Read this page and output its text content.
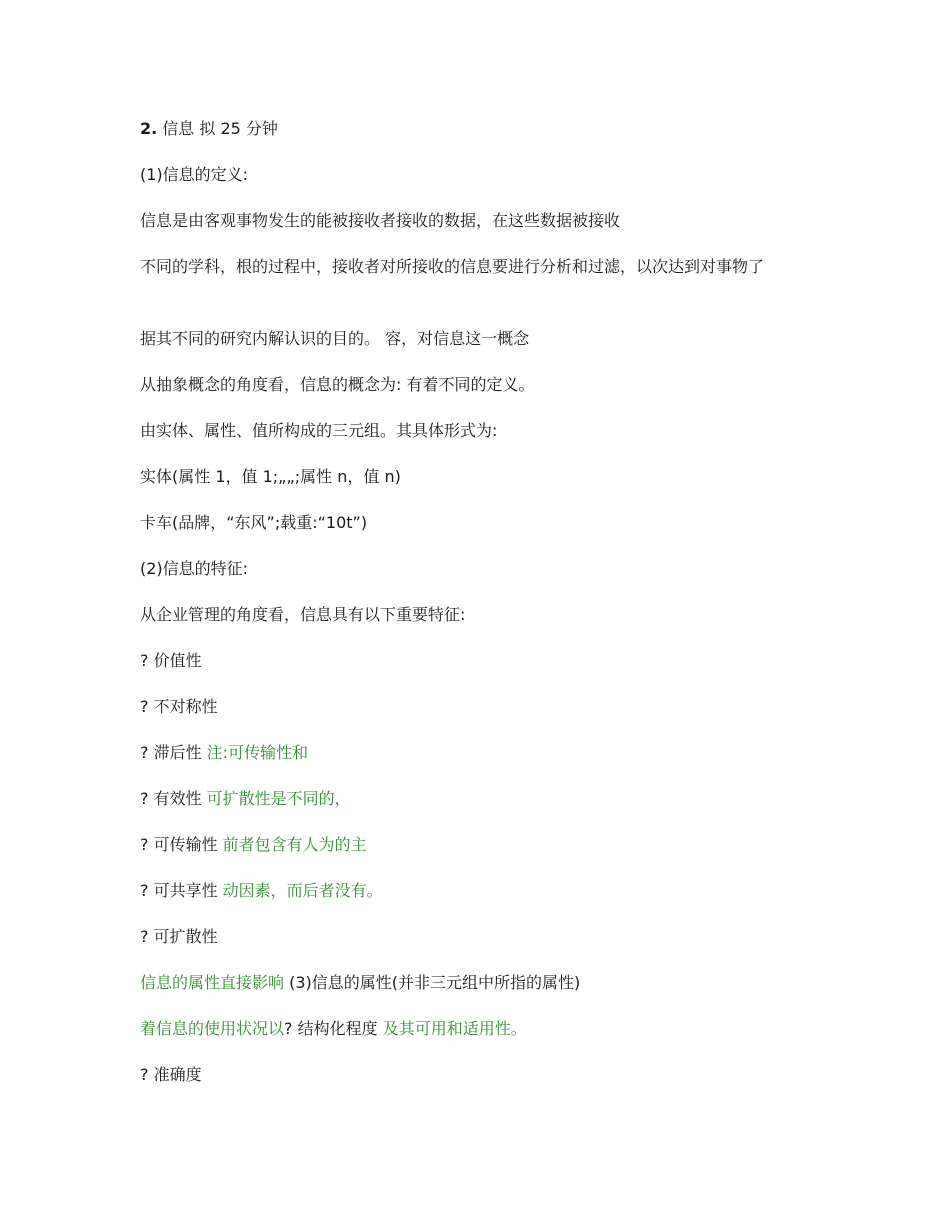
2. 信息 拟 25 分钟
(1)信息的定义:
信息是由客观事物发生的能被接收者接收的数据，在这些数据被接收
不同的学科，根的过程中，接收者对所接收的信息要进行分析和过滤，以次达到对事物了
据其不同的研究内解认识的目的。 容，对信息这一概念
从抽象概念的角度看，信息的概念为: 有着不同的定义。
由实体、属性、值所构成的三元组。其具体形式为:
实体(属性 1，值 1;„„;属性 n，值 n)
卡车(品牌，“东风”;载重:“10t”)
(2)信息的特征:
从企业管理的角度看，信息具有以下重要特征:
? 价值性
? 不对称性
? 滞后性 注:可传输性和
? 有效性 可扩散性是不同的，
? 可传输性 前者包含有人为的主
? 可共享性 动因素，而后者没有。
? 可扩散性
信息的属性直接影响 (3)信息的属性(并非三元组中所指的属性)
着信息的使用状况以? 结构化程度 及其可用和适用性。
? 准确度
